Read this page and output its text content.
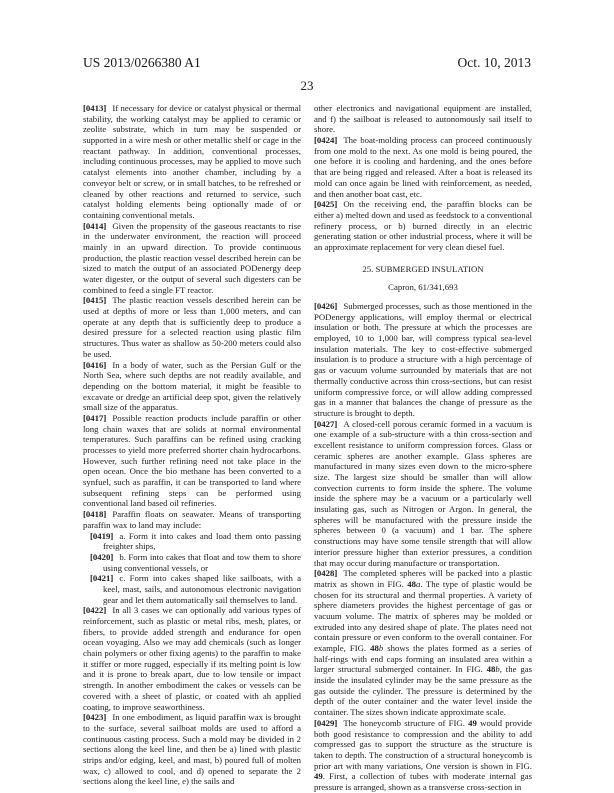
US 2013/0266380 A1	Oct. 10, 2013
23

[0413] If necessary for device or catalyst physical or thermal stability, the working catalyst may be applied to ceramic or zeolite substrate, which in turn may be suspended or supported in a wire mesh or other metallic shelf or cage in the reactant pathway. In addition, conventional processes, including continuous processes, may be applied to move such catalyst elements into another chamber, including by a conveyor belt or screw, or in small batches, to be refreshed or cleaned by other reactions and returned to service, such catalyst holding elements being optionally made of or containing conventional metals.

[0414] Given the propensity of the gaseous reactants to rise in the underwater environment, the reaction will proceed mainly in an upward direction. To provide continuous production, the plastic reaction vessel described herein can be sized to match the output of an associated PODenergy deep water digester, or the output of several such digesters can be combined to feed a single FT reactor.

[0415] The plastic reaction vessels described herein can be used at depths of more or less than 1,000 meters, and can operate at any depth that is sufficiently deep to produce a desired pressure for a selected reaction using plastic film structures. Thus water as shallow as 50-200 meters could also be used.

[0416] In a body of water, such as the Persian Gulf or the North Sea, where such depths are not readily available, and depending on the bottom material, it might be feasible to excavate or dredge an artificial deep spot, given the relatively small size of the apparatus.

[0417] Possible reaction products include paraffin or other long chain waxes that are solids at normal environmental temperatures. Such paraffins can be refined using cracking processes to yield more preferred shorter chain hydrocarbons. However, such further refining need not take place in the open ocean. Once the bio methane has been converted to a synfuel, such as paraffin, it can be transported to land where subsequent refining steps can be performed using conventional land based oil refineries.

[0418] Paraffin floats on seawater. Means of transporting paraffin wax to land may include:

[0419] a. Form it into cakes and load them onto passing freighter ships,

[0420] b. Form into cakes that float and tow them to shore using conventional vessels, or

[0421] c. Form into cakes shaped like sailboats, with a keel, mast, sails, and autonomous electronic navigation gear and let them automatically sail themselves to land.

[0422] In all 3 cases we can optionally add various types of reinforcement, such as plastic or metal ribs, mesh, plates, or fibers, to provide added strength and endurance for open ocean voyaging. Also we may add chemicals (such as longer chain polymers or other fixing agents) to the paraffin to make it stiffer or more rugged, especially if its melting point is low and it is prone to break apart, due to low tensile or impact strength. In another embodiment the cakes or vessels can be covered with a sheet of plastic, or coated with ah applied coating, to improve seaworthiness.

[0423] In one embodiment, as liquid paraffin wax is brought to the surface, several sailboat molds are used to afford a continuous casting process. Such a mold may be divided in 2 sections along the keel line, and then be a) lined with plastic strips and/or edging, keel, and mast, b) poured full of molten wax, c) allowed to cool, and d) opened to separate the 2 sections along the keel line, e) the sails and

other electronics and navigational equipment are installed, and f) the sailboat is released to autonomously sail itself to shore.

[0424] The boat-molding process can proceed continuously from one mold to the next. As one mold is being poured, the one before it is cooling and hardening, and the ones before that are being rigged and released. After a boat is released its mold can once again be lined with reinforcement, as needed, and then another boat cast, etc.

[0425] On the receiving end, the paraffin blocks can be either a) melted down and used as feedstock to a conventional refinery process, or b) burned directly in an electric generating station or other industrial process, where it will be an approximate replacement for very clean diesel fuel.

25. SUBMERGED INSULATION

Capron, 61/341,693

[0426] Submerged processes, such as those mentioned in the PODenergy applications, will employ thermal or electrical insulation or both. The pressure at which the processes are employed, 10 to 1,000 bar, will compress typical sea-level insulation materials. The key to cost-effective submerged insulation is to produce a structure with a high percentage of gas or vacuum volume surrounded by materials that are not thermally conductive across thin cross-sections, but can resist uniform compressive force, or will allow adding compressed gas in a manner that balances the change of pressure as the structure is brought to depth.

[0427] A closed-cell porous ceramic formed in a vacuum is one example of a sub-structure with a thin cross-section and excellent resistance to uniform compression forces. Glass or ceramic spheres are another example. Glass spheres are manufactured in many sizes even down to the micro-sphere size. The largest size should be smaller than will allow convection currents to form inside the sphere. The volume inside the sphere may be a vacuum or a particularly well insulating gas, such as Nitrogen or Argon. In general, the spheres will be manufactured with the pressure inside the spheres between 0 (a vacuum) and 1 bar. The sphere constructions may have some tensile strength that will allow interior pressure higher than exterior pressures, a condition that may occur during manufacture or transportation.

[0428] The completed spheres will be packed into a plastic matrix as shown in FIG. 48a. The type of plastic would be chosen for its structural and thermal properties. A variety of sphere diameters provides the highest percentage of gas or vacuum volume. The matrix of spheres may be molded or extruded into any desired shape of plate. The plates need not contain pressure or even conform to the overall container. For example, FIG. 48b shows the plates formed as a series of half-rings with end caps forming an insulated area within a larger structural submerged container. In FIG. 48b, the gas inside the insulated cylinder may be the same pressure as the gas outside the cylinder. The pressure is determined by the depth of the outer container and the water level inside the container. The sizes shown indicate approximate scale.

[0429] The honeycomb structure of FIG. 49 would provide both good resistance to compression and the ability to add compressed gas to support the structure as the structure is taken to depth. The construction of a structural honeycomb is prior art with many variations, One version is shown in FIG. 49. First, a collection of tubes with moderate internal gas pressure is arranged, shown as a transverse cross-section in
